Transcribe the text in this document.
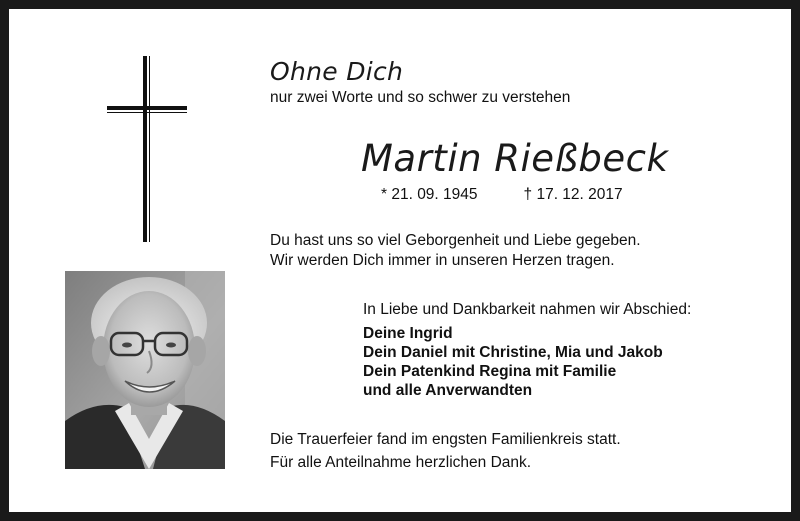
Ohne Dich
nur zwei Worte und so schwer zu verstehen
Martin Rießbeck
* 21. 09. 1945	† 17. 12. 2017
Du hast uns so viel Geborgenheit und Liebe gegeben.
Wir werden Dich immer in unseren Herzen tragen.
In Liebe und Dankbarkeit nahmen wir Abschied:
Deine Ingrid
Dein Daniel mit Christine, Mia und Jakob
Dein Patenkind Regina mit Familie
und alle Anverwandten
Die Trauerfeier fand im engsten Familienkreis statt.
Für alle Anteilnahme herzlichen Dank.
